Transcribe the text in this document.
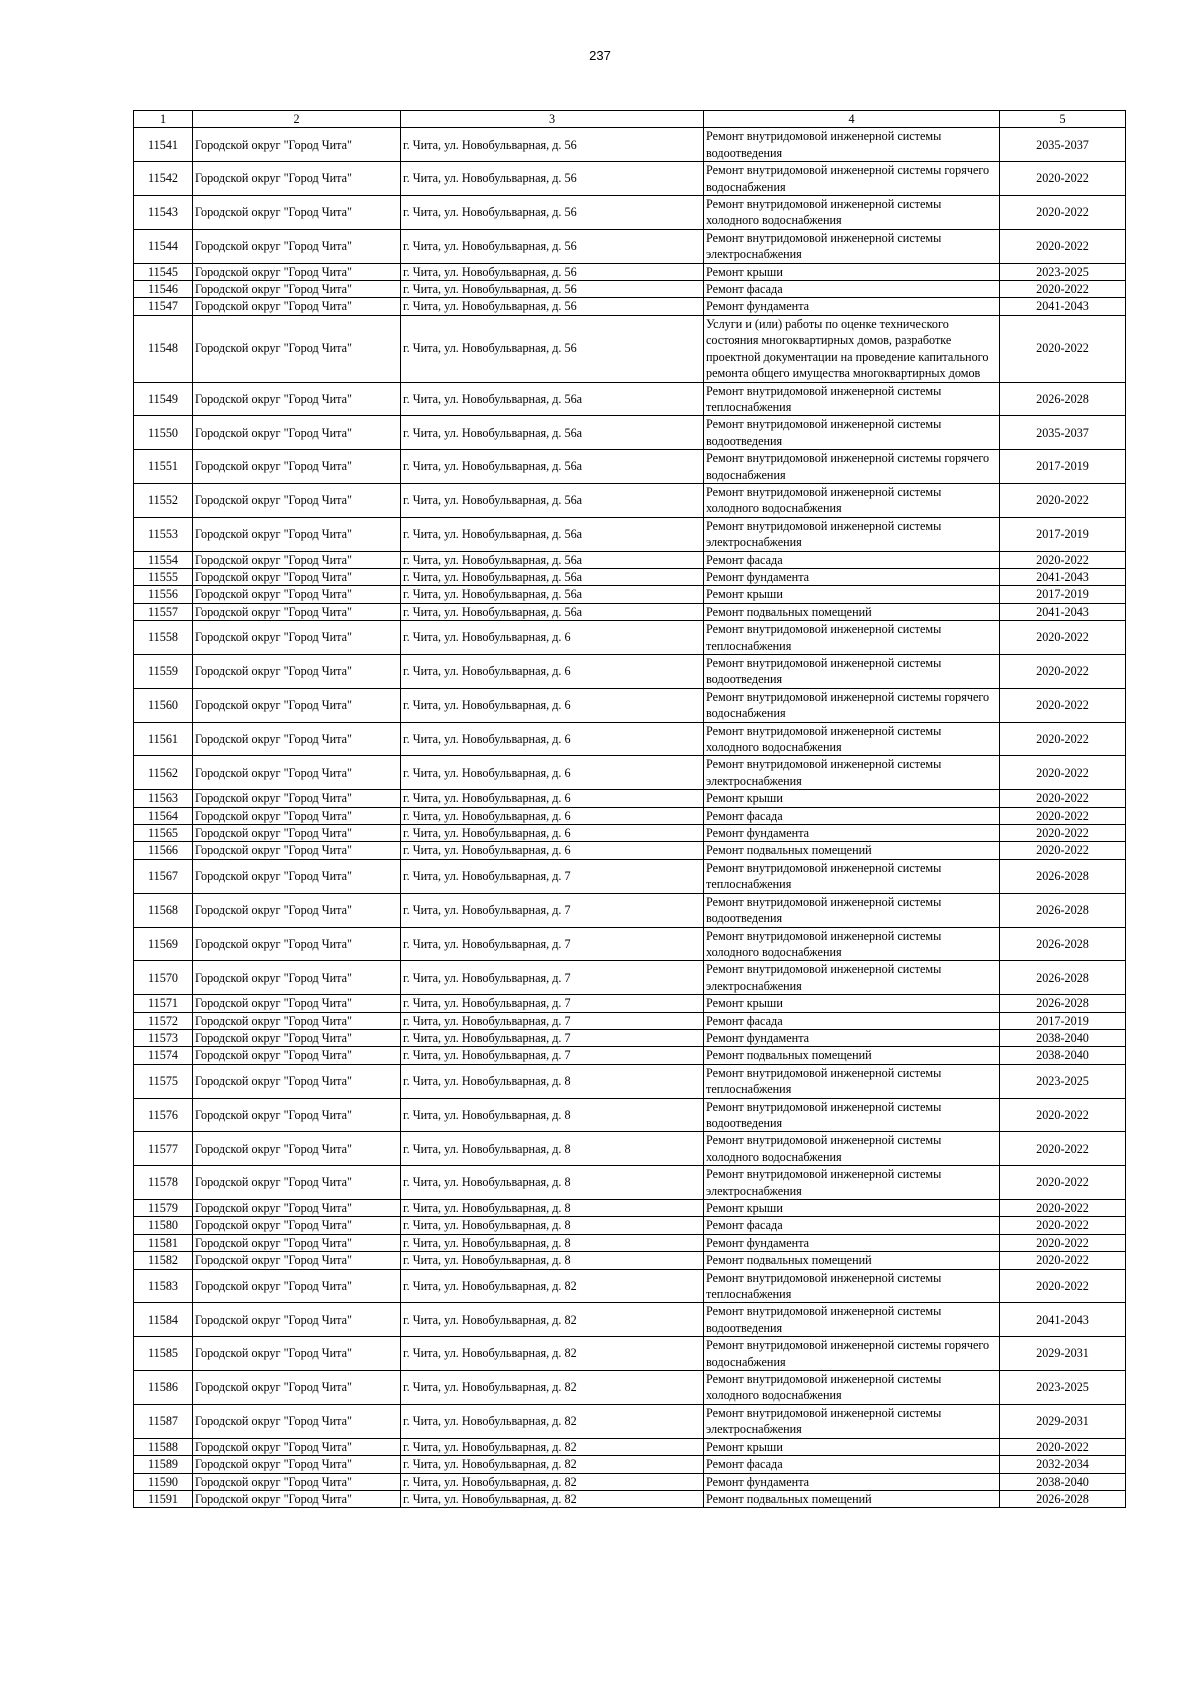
237
1	2	3	4	5
11541	Городской округ "Город Чита"	г. Чита, ул. Новобульварная, д. 56	Ремонт внутридомовой инженерной системы водоотведения	2035-2037
11542	Городской округ "Город Чита"	г. Чита, ул. Новобульварная, д. 56	Ремонт внутридомовой инженерной системы горячего водоснабжения	2020-2022
11543	Городской округ "Город Чита"	г. Чита, ул. Новобульварная, д. 56	Ремонт внутридомовой инженерной системы холодного водоснабжения	2020-2022
11544	Городской округ "Город Чита"	г. Чита, ул. Новобульварная, д. 56	Ремонт внутридомовой инженерной системы электроснабжения	2020-2022
11545	Городской округ "Город Чита"	г. Чита, ул. Новобульварная, д. 56	Ремонт крыши	2023-2025
11546	Городской округ "Город Чита"	г. Чита, ул. Новобульварная, д. 56	Ремонт фасада	2020-2022
11547	Городской округ "Город Чита"	г. Чита, ул. Новобульварная, д. 56	Ремонт фундамента	2041-2043
11548	Городской округ "Город Чита"	г. Чита, ул. Новобульварная, д. 56	Услуги и (или) работы по оценке технического состояния многоквартирных домов, разработке проектной документации на проведение капитального ремонта общего имущества многоквартирных домов	2020-2022
11549	Городской округ "Город Чита"	г. Чита, ул. Новобульварная, д. 56а	Ремонт внутридомовой инженерной системы теплоснабжения	2026-2028
11550	Городской округ "Город Чита"	г. Чита, ул. Новобульварная, д. 56а	Ремонт внутридомовой инженерной системы водоотведения	2035-2037
11551	Городской округ "Город Чита"	г. Чита, ул. Новобульварная, д. 56а	Ремонт внутридомовой инженерной системы горячего водоснабжения	2017-2019
11552	Городской округ "Город Чита"	г. Чита, ул. Новобульварная, д. 56а	Ремонт внутридомовой инженерной системы холодного водоснабжения	2020-2022
11553	Городской округ "Город Чита"	г. Чита, ул. Новобульварная, д. 56а	Ремонт внутридомовой инженерной системы электроснабжения	2017-2019
11554	Городской округ "Город Чита"	г. Чита, ул. Новобульварная, д. 56а	Ремонт фасада	2020-2022
11555	Городской округ "Город Чита"	г. Чита, ул. Новобульварная, д. 56а	Ремонт фундамента	2041-2043
11556	Городской округ "Город Чита"	г. Чита, ул. Новобульварная, д. 56а	Ремонт крыши	2017-2019
11557	Городской округ "Город Чита"	г. Чита, ул. Новобульварная, д. 56а	Ремонт подвальных помещений	2041-2043
11558	Городской округ "Город Чита"	г. Чита, ул. Новобульварная, д. 6	Ремонт внутридомовой инженерной системы теплоснабжения	2020-2022
11559	Городской округ "Город Чита"	г. Чита, ул. Новобульварная, д. 6	Ремонт внутридомовой инженерной системы водоотведения	2020-2022
11560	Городской округ "Город Чита"	г. Чита, ул. Новобульварная, д. 6	Ремонт внутридомовой инженерной системы горячего водоснабжения	2020-2022
11561	Городской округ "Город Чита"	г. Чита, ул. Новобульварная, д. 6	Ремонт внутридомовой инженерной системы холодного водоснабжения	2020-2022
11562	Городской округ "Город Чита"	г. Чита, ул. Новобульварная, д. 6	Ремонт внутридомовой инженерной системы электроснабжения	2020-2022
11563	Городской округ "Город Чита"	г. Чита, ул. Новобульварная, д. 6	Ремонт крыши	2020-2022
11564	Городской округ "Город Чита"	г. Чита, ул. Новобульварная, д. 6	Ремонт фасада	2020-2022
11565	Городской округ "Город Чита"	г. Чита, ул. Новобульварная, д. 6	Ремонт фундамента	2020-2022
11566	Городской округ "Город Чита"	г. Чита, ул. Новобульварная, д. 6	Ремонт подвальных помещений	2020-2022
11567	Городской округ "Город Чита"	г. Чита, ул. Новобульварная, д. 7	Ремонт внутридомовой инженерной системы теплоснабжения	2026-2028
11568	Городской округ "Город Чита"	г. Чита, ул. Новобульварная, д. 7	Ремонт внутридомовой инженерной системы водоотведения	2026-2028
11569	Городской округ "Город Чита"	г. Чита, ул. Новобульварная, д. 7	Ремонт внутридомовой инженерной системы холодного водоснабжения	2026-2028
11570	Городской округ "Город Чита"	г. Чита, ул. Новобульварная, д. 7	Ремонт внутридомовой инженерной системы электроснабжения	2026-2028
11571	Городской округ "Город Чита"	г. Чита, ул. Новобульварная, д. 7	Ремонт крыши	2026-2028
11572	Городской округ "Город Чита"	г. Чита, ул. Новобульварная, д. 7	Ремонт фасада	2017-2019
11573	Городской округ "Город Чита"	г. Чита, ул. Новобульварная, д. 7	Ремонт фундамента	2038-2040
11574	Городской округ "Город Чита"	г. Чита, ул. Новобульварная, д. 7	Ремонт подвальных помещений	2038-2040
11575	Городской округ "Город Чита"	г. Чита, ул. Новобульварная, д. 8	Ремонт внутридомовой инженерной системы теплоснабжения	2023-2025
11576	Городской округ "Город Чита"	г. Чита, ул. Новобульварная, д. 8	Ремонт внутридомовой инженерной системы водоотведения	2020-2022
11577	Городской округ "Город Чита"	г. Чита, ул. Новобульварная, д. 8	Ремонт внутридомовой инженерной системы холодного водоснабжения	2020-2022
11578	Городской округ "Город Чита"	г. Чита, ул. Новобульварная, д. 8	Ремонт внутридомовой инженерной системы электроснабжения	2020-2022
11579	Городской округ "Город Чита"	г. Чита, ул. Новобульварная, д. 8	Ремонт крыши	2020-2022
11580	Городской округ "Город Чита"	г. Чита, ул. Новобульварная, д. 8	Ремонт фасада	2020-2022
11581	Городской округ "Город Чита"	г. Чита, ул. Новобульварная, д. 8	Ремонт фундамента	2020-2022
11582	Городской округ "Город Чита"	г. Чита, ул. Новобульварная, д. 8	Ремонт подвальных помещений	2020-2022
11583	Городской округ "Город Чита"	г. Чита, ул. Новобульварная, д. 82	Ремонт внутридомовой инженерной системы теплоснабжения	2020-2022
11584	Городской округ "Город Чита"	г. Чита, ул. Новобульварная, д. 82	Ремонт внутридомовой инженерной системы водоотведения	2041-2043
11585	Городской округ "Город Чита"	г. Чита, ул. Новобульварная, д. 82	Ремонт внутридомовой инженерной системы горячего водоснабжения	2029-2031
11586	Городской округ "Город Чита"	г. Чита, ул. Новобульварная, д. 82	Ремонт внутридомовой инженерной системы холодного водоснабжения	2023-2025
11587	Городской округ "Город Чита"	г. Чита, ул. Новобульварная, д. 82	Ремонт внутридомовой инженерной системы электроснабжения	2029-2031
11588	Городской округ "Город Чита"	г. Чита, ул. Новобульварная, д. 82	Ремонт крыши	2020-2022
11589	Городской округ "Город Чита"	г. Чита, ул. Новобульварная, д. 82	Ремонт фасада	2032-2034
11590	Городской округ "Город Чита"	г. Чита, ул. Новобульварная, д. 82	Ремонт фундамента	2038-2040
11591	Городской округ "Город Чита"	г. Чита, ул. Новобульварная, д. 82	Ремонт подвальных помещений	2026-2028
